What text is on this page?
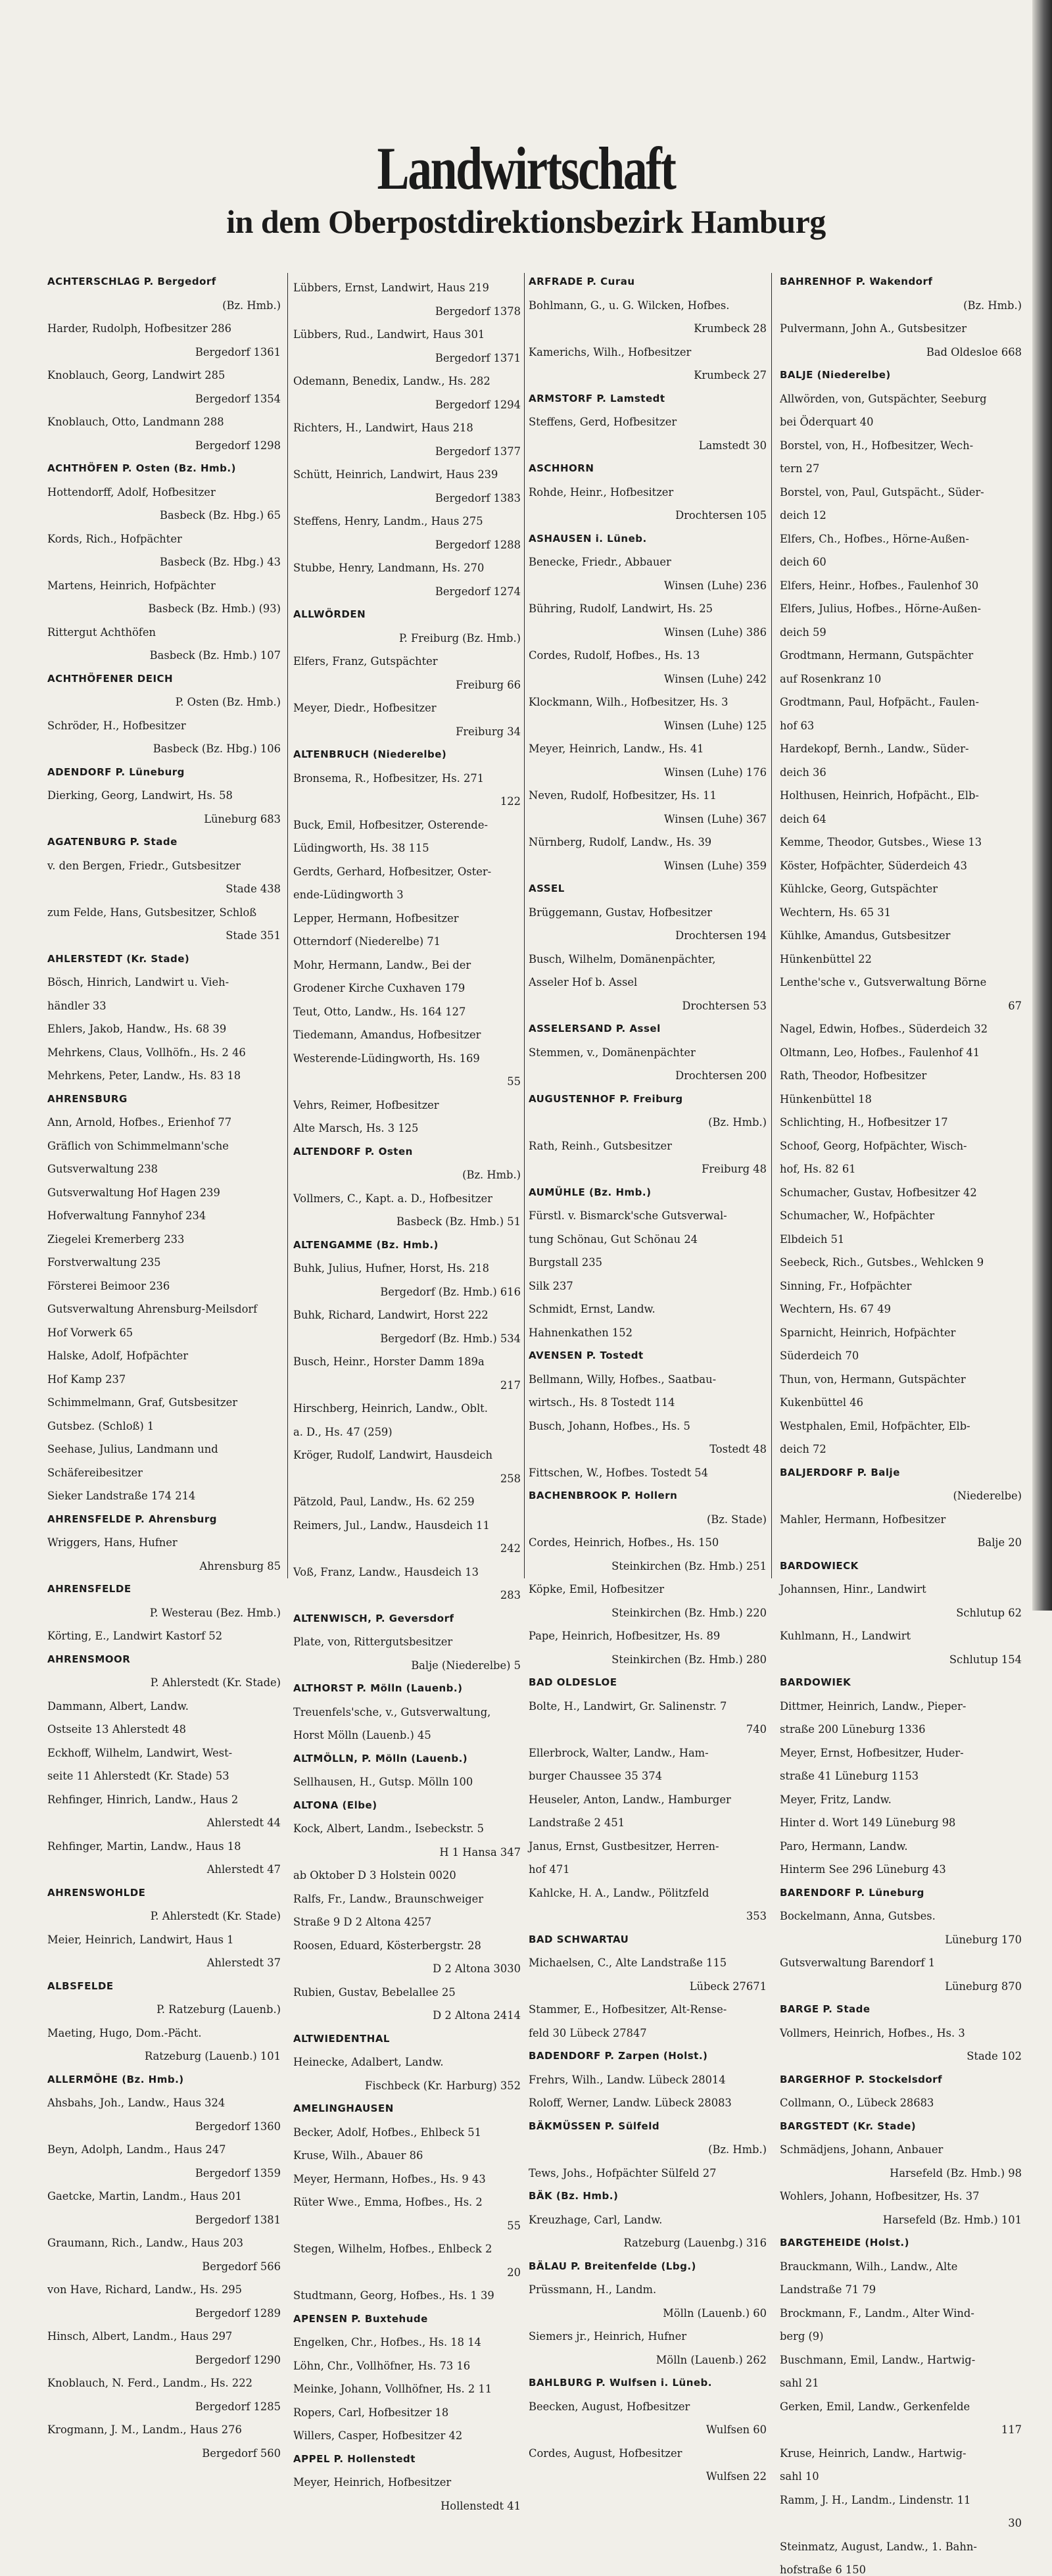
Landwirtschaft
in dem Oberpostdirektionsbezirk Hamburg

ACHTERSCHLAG P. Bergedorf

(Bz. Hmb.)

Harder, Rudolph, Hofbesitzer 286

Bergedorf 1361

Knoblauch, Georg, Landwirt 285

Bergedorf 1354

Knoblauch, Otto, Landmann 288

Bergedorf 1298

ACHTHÖFEN P. Osten (Bz. Hmb.)

Hottendorff, Adolf, Hofbesitzer

Basbeck (Bz. Hbg.) 65

Kords, Rich., Hofpächter

Basbeck (Bz. Hbg.) 43

Martens, Heinrich, Hofpächter

Basbeck (Bz. Hmb.) (93)

Rittergut Achthöfen

Basbeck (Bz. Hmb.) 107

ACHTHÖFENER DEICH

P. Osten (Bz. Hmb.)

Schröder, H., Hofbesitzer

Basbeck (Bz. Hbg.) 106

ADENDORF P. Lüneburg

Dierking, Georg, Landwirt, Hs. 58

Lüneburg 683

AGATENBURG P. Stade

v. den Bergen, Friedr., Gutsbesitzer

Stade 438

zum Felde, Hans, Gutsbesitzer, Schloß

Stade 351

AHLERSTEDT (Kr. Stade)

Bösch, Hinrich, Landwirt u. Vieh-

händler 33

Ehlers, Jakob, Handw., Hs. 68 39

Mehrkens, Claus, Vollhöfn., Hs. 2 46

Mehrkens, Peter, Landw., Hs. 83 18

AHRENSBURG

Ann, Arnold, Hofbes., Erienhof 77

Gräflich von Schimmelmann'sche

Gutsverwaltung 238

Gutsverwaltung Hof Hagen 239

Hofverwaltung Fannyhof 234

Ziegelei Kremerberg 233

Forstverwaltung 235

Försterei Beimoor 236

Gutsverwaltung Ahrensburg-Meilsdorf

Hof Vorwerk 65

Halske, Adolf, Hofpächter

Hof Kamp 237

Schimmelmann, Graf, Gutsbesitzer

Gutsbez. (Schloß) 1

Seehase, Julius, Landmann und

Schäfereibesitzer

Sieker Landstraße 174 214

AHRENSFELDE P. Ahrensburg

Wriggers, Hans, Hufner

Ahrensburg 85

AHRENSFELDE

P. Westerau (Bez. Hmb.)

Körting, E., Landwirt Kastorf 52

AHRENSMOOR

P. Ahlerstedt (Kr. Stade)

Dammann, Albert, Landw.

Ostseite 13 Ahlerstedt 48

Eckhoff, Wilhelm, Landwirt, West-

seite 11 Ahlerstedt (Kr. Stade) 53

Rehfinger, Hinrich, Landw., Haus 2

Ahlerstedt 44

Rehfinger, Martin, Landw., Haus 18

Ahlerstedt 47

AHRENSWOHLDE

P. Ahlerstedt (Kr. Stade)

Meier, Heinrich, Landwirt, Haus 1

Ahlerstedt 37

ALBSFELDE

P. Ratzeburg (Lauenb.)

Maeting, Hugo, Dom.-Pächt.

Ratzeburg (Lauenb.) 101

ALLERMÖHE (Bz. Hmb.)

Ahsbahs, Joh., Landw., Haus 324

Bergedorf 1360

Beyn, Adolph, Landm., Haus 247

Bergedorf 1359

Gaetcke, Martin, Landm., Haus 201

Bergedorf 1381

Graumann, Rich., Landw., Haus 203

Bergedorf 566

von Have, Richard, Landw., Hs. 295

Bergedorf 1289

Hinsch, Albert, Landm., Haus 297

Bergedorf 1290

Knoblauch, N. Ferd., Landm., Hs. 222

Bergedorf 1285

Krogmann, J. M., Landm., Haus 276

Bergedorf 560

Lübbers, Ernst, Landwirt, Haus 219

Bergedorf 1378

Lübbers, Rud., Landwirt, Haus 301

Bergedorf 1371

Odemann, Benedix, Landw., Hs. 282

Bergedorf 1294

Richters, H., Landwirt, Haus 218

Bergedorf 1377

Schütt, Heinrich, Landwirt, Haus 239

Bergedorf 1383

Steffens, Henry, Landm., Haus 275

Bergedorf 1288

Stubbe, Henry, Landmann, Hs. 270

Bergedorf 1274

ALLWÖRDEN

P. Freiburg (Bz. Hmb.)

Elfers, Franz, Gutspächter

Freiburg 66

Meyer, Diedr., Hofbesitzer

Freiburg 34

ALTENBRUCH (Niederelbe)

Bronsema, R., Hofbesitzer, Hs. 271

122

Buck, Emil, Hofbesitzer, Osterende-

Lüdingworth, Hs. 38 115

Gerdts, Gerhard, Hofbesitzer, Oster-

ende-Lüdingworth 3

Lepper, Hermann, Hofbesitzer

Otterndorf (Niederelbe) 71

Mohr, Hermann, Landw., Bei der

Grodener Kirche Cuxhaven 179

Teut, Otto, Landw., Hs. 164 127

Tiedemann, Amandus, Hofbesitzer

Westerende-Lüdingworth, Hs. 169

55

Vehrs, Reimer, Hofbesitzer

Alte Marsch, Hs. 3 125

ALTENDORF P. Osten

(Bz. Hmb.)

Vollmers, C., Kapt. a. D., Hofbesitzer

Basbeck (Bz. Hmb.) 51

ALTENGAMME (Bz. Hmb.)

Buhk, Julius, Hufner, Horst, Hs. 218

Bergedorf (Bz. Hmb.) 616

Buhk, Richard, Landwirt, Horst 222

Bergedorf (Bz. Hmb.) 534

Busch, Heinr., Horster Damm 189a

217

Hirschberg, Heinrich, Landw., Oblt.

a. D., Hs. 47 (259)

Kröger, Rudolf, Landwirt, Hausdeich

258

Pätzold, Paul, Landw., Hs. 62 259

Reimers, Jul., Landw., Hausdeich 11

242

Voß, Franz, Landw., Hausdeich 13

283

ALTENWISCH, P. Geversdorf

Plate, von, Rittergutsbesitzer

Balje (Niederelbe) 5

ALTHORST P. Mölln (Lauenb.)

Treuenfels'sche, v., Gutsverwaltung,

Horst Mölln (Lauenb.) 45

ALTMÖLLN, P. Mölln (Lauenb.)

Sellhausen, H., Gutsp. Mölln 100

ALTONA (Elbe)

Kock, Albert, Landm., Isebeckstr. 5

H 1 Hansa 347

ab Oktober D 3 Holstein 0020

Ralfs, Fr., Landw., Braunschweiger

Straße 9 D 2 Altona 4257

Roosen, Eduard, Kösterbergstr. 28

D 2 Altona 3030

Rubien, Gustav, Bebelallee 25

D 2 Altona 2414

ALTWIEDENTHAL

Heinecke, Adalbert, Landw.

Fischbeck (Kr. Harburg) 352

AMELINGHAUSEN

Becker, Adolf, Hofbes., Ehlbeck 51

Kruse, Wilh., Abauer 86

Meyer, Hermann, Hofbes., Hs. 9 43

Rüter Wwe., Emma, Hofbes., Hs. 2

55

Stegen, Wilhelm, Hofbes., Ehlbeck 2

20

Studtmann, Georg, Hofbes., Hs. 1 39

APENSEN P. Buxtehude

Engelken, Chr., Hofbes., Hs. 18 14

Löhn, Chr., Vollhöfner, Hs. 73 16

Meinke, Johann, Vollhöfner, Hs. 2 11

Ropers, Carl, Hofbesitzer 18

Willers, Casper, Hofbesitzer 42

APPEL P. Hollenstedt

Meyer, Heinrich, Hofbesitzer

Hollenstedt 41

ARFRADE P. Curau

Bohlmann, G., u. G. Wilcken, Hofbes.

Krumbeck 28

Kamerichs, Wilh., Hofbesitzer

Krumbeck 27

ARMSTORF P. Lamstedt

Steffens, Gerd, Hofbesitzer

Lamstedt 30

ASCHHORN

Rohde, Heinr., Hofbesitzer

Drochtersen 105

ASHAUSEN i. Lüneb.

Benecke, Friedr., Abbauer

Winsen (Luhe) 236

Bühring, Rudolf, Landwirt, Hs. 25

Winsen (Luhe) 386

Cordes, Rudolf, Hofbes., Hs. 13

Winsen (Luhe) 242

Klockmann, Wilh., Hofbesitzer, Hs. 3

Winsen (Luhe) 125

Meyer, Heinrich, Landw., Hs. 41

Winsen (Luhe) 176

Neven, Rudolf, Hofbesitzer, Hs. 11

Winsen (Luhe) 367

Nürnberg, Rudolf, Landw., Hs. 39

Winsen (Luhe) 359

ASSEL

Brüggemann, Gustav, Hofbesitzer

Drochtersen 194

Busch, Wilhelm, Domänenpächter,

Asseler Hof b. Assel

Drochtersen 53

ASSELERSAND P. Assel

Stemmen, v., Domänenpächter

Drochtersen 200

AUGUSTENHOF P. Freiburg

(Bz. Hmb.)

Rath, Reinh., Gutsbesitzer

Freiburg 48

AUMÜHLE (Bz. Hmb.)

Fürstl. v. Bismarck'sche Gutsverwal-

tung Schönau, Gut Schönau 24

Burgstall 235

Silk 237

Schmidt, Ernst, Landw.

Hahnenkathen 152

AVENSEN P. Tostedt

Bellmann, Willy, Hofbes., Saatbau-

wirtsch., Hs. 8 Tostedt 114

Busch, Johann, Hofbes., Hs. 5

Tostedt 48

Fittschen, W., Hofbes. Tostedt 54

BACHENBROOK P. Hollern

(Bz. Stade)

Cordes, Heinrich, Hofbes., Hs. 150

Steinkirchen (Bz. Hmb.) 251

Köpke, Emil, Hofbesitzer

Steinkirchen (Bz. Hmb.) 220

Pape, Heinrich, Hofbesitzer, Hs. 89

Steinkirchen (Bz. Hmb.) 280

BAD OLDESLOE

Bolte, H., Landwirt, Gr. Salinenstr. 7

740

Ellerbrock, Walter, Landw., Ham-

burger Chaussee 35 374

Heuseler, Anton, Landw., Hamburger

Landstraße 2 451

Janus, Ernst, Gustbesitzer, Herren-

hof 471

Kahlcke, H. A., Landw., Pölitzfeld

353

BAD SCHWARTAU

Michaelsen, C., Alte Landstraße 115

Lübeck 27671

Stammer, E., Hofbesitzer, Alt-Rense-

feld 30 Lübeck 27847

BADENDORF P. Zarpen (Holst.)

Frehrs, Wilh., Landw. Lübeck 28014

Roloff, Werner, Landw. Lübeck 28083

BÄKMÜSSEN P. Sülfeld

(Bz. Hmb.)

Tews, Johs., Hofpächter Sülfeld 27

BÄK (Bz. Hmb.)

Kreuzhage, Carl, Landw.

Ratzeburg (Lauenbg.) 316

BÄLAU P. Breitenfelde (Lbg.)

Prüssmann, H., Landm.

Mölln (Lauenb.) 60

Siemers jr., Heinrich, Hufner

Mölln (Lauenb.) 262

BAHLBURG P. Wulfsen i. Lüneb.

Beecken, August, Hofbesitzer

Wulfsen 60

Cordes, August, Hofbesitzer

Wulfsen 22

BAHRENHOF P. Wakendorf

(Bz. Hmb.)

Pulvermann, John A., Gutsbesitzer

Bad Oldesloe 668

BALJE (Niederelbe)

Allwörden, von, Gutspächter, Seeburg

bei Öderquart 40

Borstel, von, H., Hofbesitzer, Wech-

tern 27

Borstel, von, Paul, Gutspächt., Süder-

deich 12

Elfers, Ch., Hofbes., Hörne-Außen-

deich 60

Elfers, Heinr., Hofbes., Faulenhof 30

Elfers, Julius, Hofbes., Hörne-Außen-

deich 59

Grodtmann, Hermann, Gutspächter

auf Rosenkranz 10

Grodtmann, Paul, Hofpächt., Faulen-

hof 63

Hardekopf, Bernh., Landw., Süder-

deich 36

Holthusen, Heinrich, Hofpächt., Elb-

deich 64

Kemme, Theodor, Gutsbes., Wiese 13

Köster, Hofpächter, Süderdeich 43

Kühlcke, Georg, Gutspächter

Wechtern, Hs. 65 31

Kühlke, Amandus, Gutsbesitzer

Hünkenbüttel 22

Lenthe'sche v., Gutsverwaltung Börne

67

Nagel, Edwin, Hofbes., Süderdeich 32

Oltmann, Leo, Hofbes., Faulenhof 41

Rath, Theodor, Hofbesitzer

Hünkenbüttel 18

Schlichting, H., Hofbesitzer 17

Schoof, Georg, Hofpächter, Wisch-

hof, Hs. 82 61

Schumacher, Gustav, Hofbesitzer 42

Schumacher, W., Hofpächter

Elbdeich 51

Seebeck, Rich., Gutsbes., Wehlcken 9

Sinning, Fr., Hofpächter

Wechtern, Hs. 67 49

Sparnicht, Heinrich, Hofpächter

Süderdeich 70

Thun, von, Hermann, Gutspächter

Kukenbüttel 46

Westphalen, Emil, Hofpächter, Elb-

deich 72

BALJERDORF P. Balje

(Niederelbe)

Mahler, Hermann, Hofbesitzer

Balje 20

BARDOWIECK

Johannsen, Hinr., Landwirt

Schlutup 62

Kuhlmann, H., Landwirt

Schlutup 154

BARDOWIEK

Dittmer, Heinrich, Landw., Pieper-

straße 200 Lüneburg 1336

Meyer, Ernst, Hofbesitzer, Huder-

straße 41 Lüneburg 1153

Meyer, Fritz, Landw.

Hinter d. Wort 149 Lüneburg 98

Paro, Hermann, Landw.

Hinterm See 296 Lüneburg 43

BARENDORF P. Lüneburg

Bockelmann, Anna, Gutsbes.

Lüneburg 170

Gutsverwaltung Barendorf 1

Lüneburg 870

BARGE P. Stade

Vollmers, Heinrich, Hofbes., Hs. 3

Stade 102

BARGERHOF P. Stockelsdorf

Collmann, O., Lübeck 28683

BARGSTEDT (Kr. Stade)

Schmädjens, Johann, Anbauer

Harsefeld (Bz. Hmb.) 98

Wohlers, Johann, Hofbesitzer, Hs. 37

Harsefeld (Bz. Hmb.) 101

BARGTEHEIDE (Holst.)

Brauckmann, Wilh., Landw., Alte

Landstraße 71 79

Brockmann, F., Landm., Alter Wind-

berg (9)

Buschmann, Emil, Landw., Hartwig-

sahl 21

Gerken, Emil, Landw., Gerkenfelde

117

Kruse, Heinrich, Landw., Hartwig-

sahl 10

Ramm, J. H., Landm., Lindenstr. 11

30

Steinmatz, August, Landw., 1. Bahn-

hofstraße 6 150
